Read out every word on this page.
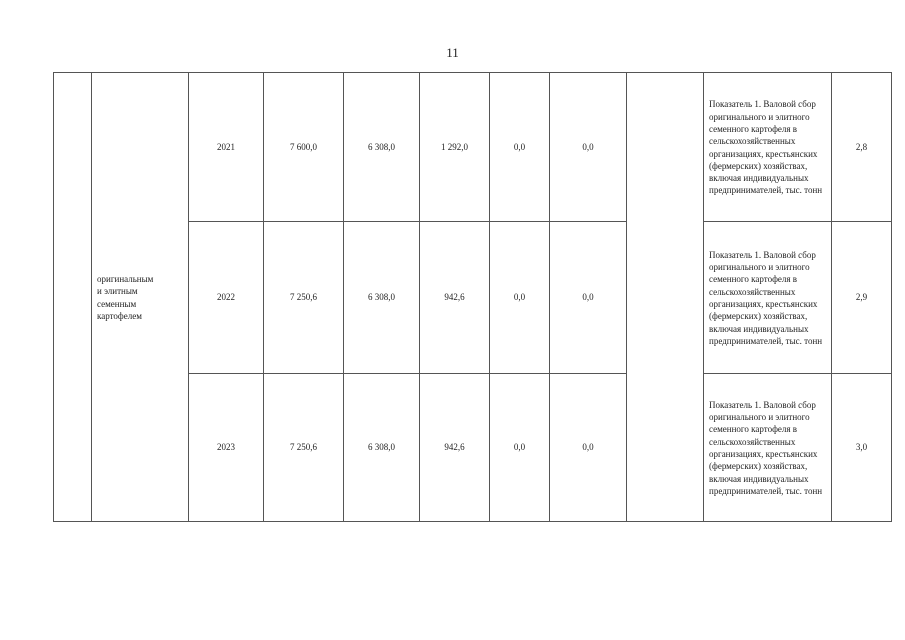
11

	оригинальным
и элитным
семенным
картофелем	2021	7 600,0	6 308,0	1 292,0	0,0	0,0		Показатель 1. Валовой сбор оригинального и элитного семенного картофеля в сельскохозяйственных организациях, крестьянских (фермерских) хозяйствах, включая индивидуальных предпринимателей, тыс. тонн	2,8
		2022	7 250,6	6 308,0	942,6	0,0	0,0		Показатель 1. Валовой сбор оригинального и элитного семенного картофеля в сельскохозяйственных организациях, крестьянских (фермерских) хозяйствах, включая индивидуальных предпринимателей, тыс. тонн	2,9
		2023	7 250,6	6 308,0	942,6	0,0	0,0		Показатель 1. Валовой сбор оригинального и элитного семенного картофеля в сельскохозяйственных организациях, крестьянских (фермерских) хозяйствах, включая индивидуальных предпринимателей, тыс. тонн	3,0
